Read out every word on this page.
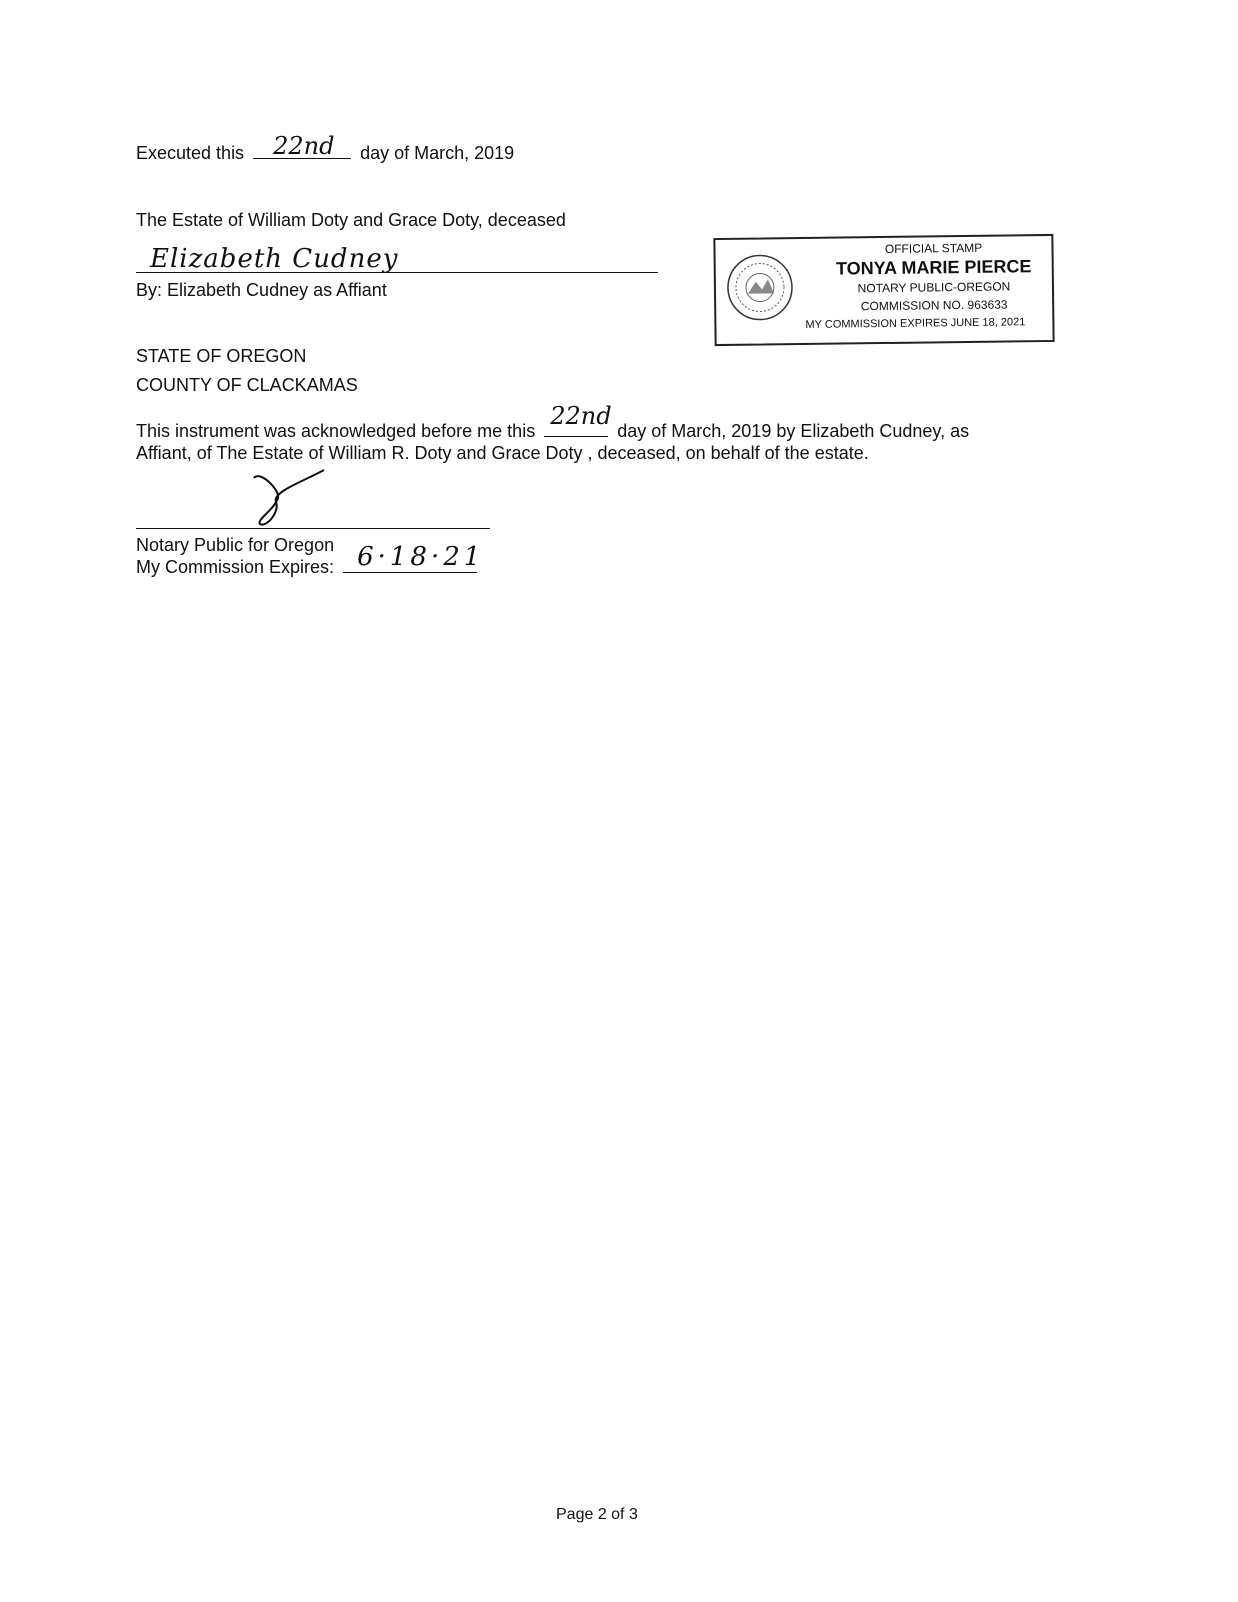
Executed this 22nd day of March, 2019
The Estate of William Doty and Grace Doty, deceased
Elizabeth Cudney
By: Elizabeth Cudney as Affiant
OFFICIAL STAMP
TONYA MARIE PIERCE
NOTARY PUBLIC-OREGON
COMMISSION NO. 963633
MY COMMISSION EXPIRES JUNE 18, 2021
STATE OF OREGON
COUNTY OF CLACKAMAS
This instrument was acknowledged before me this
22nd
day of March, 2019 by Elizabeth Cudney, as
Affiant, of The Estate of William R. Doty and Grace Doty , deceased, on behalf of the estate.
Notary Public for Oregon
My Commission Expires: 6·18·21
Page 2 of 3
